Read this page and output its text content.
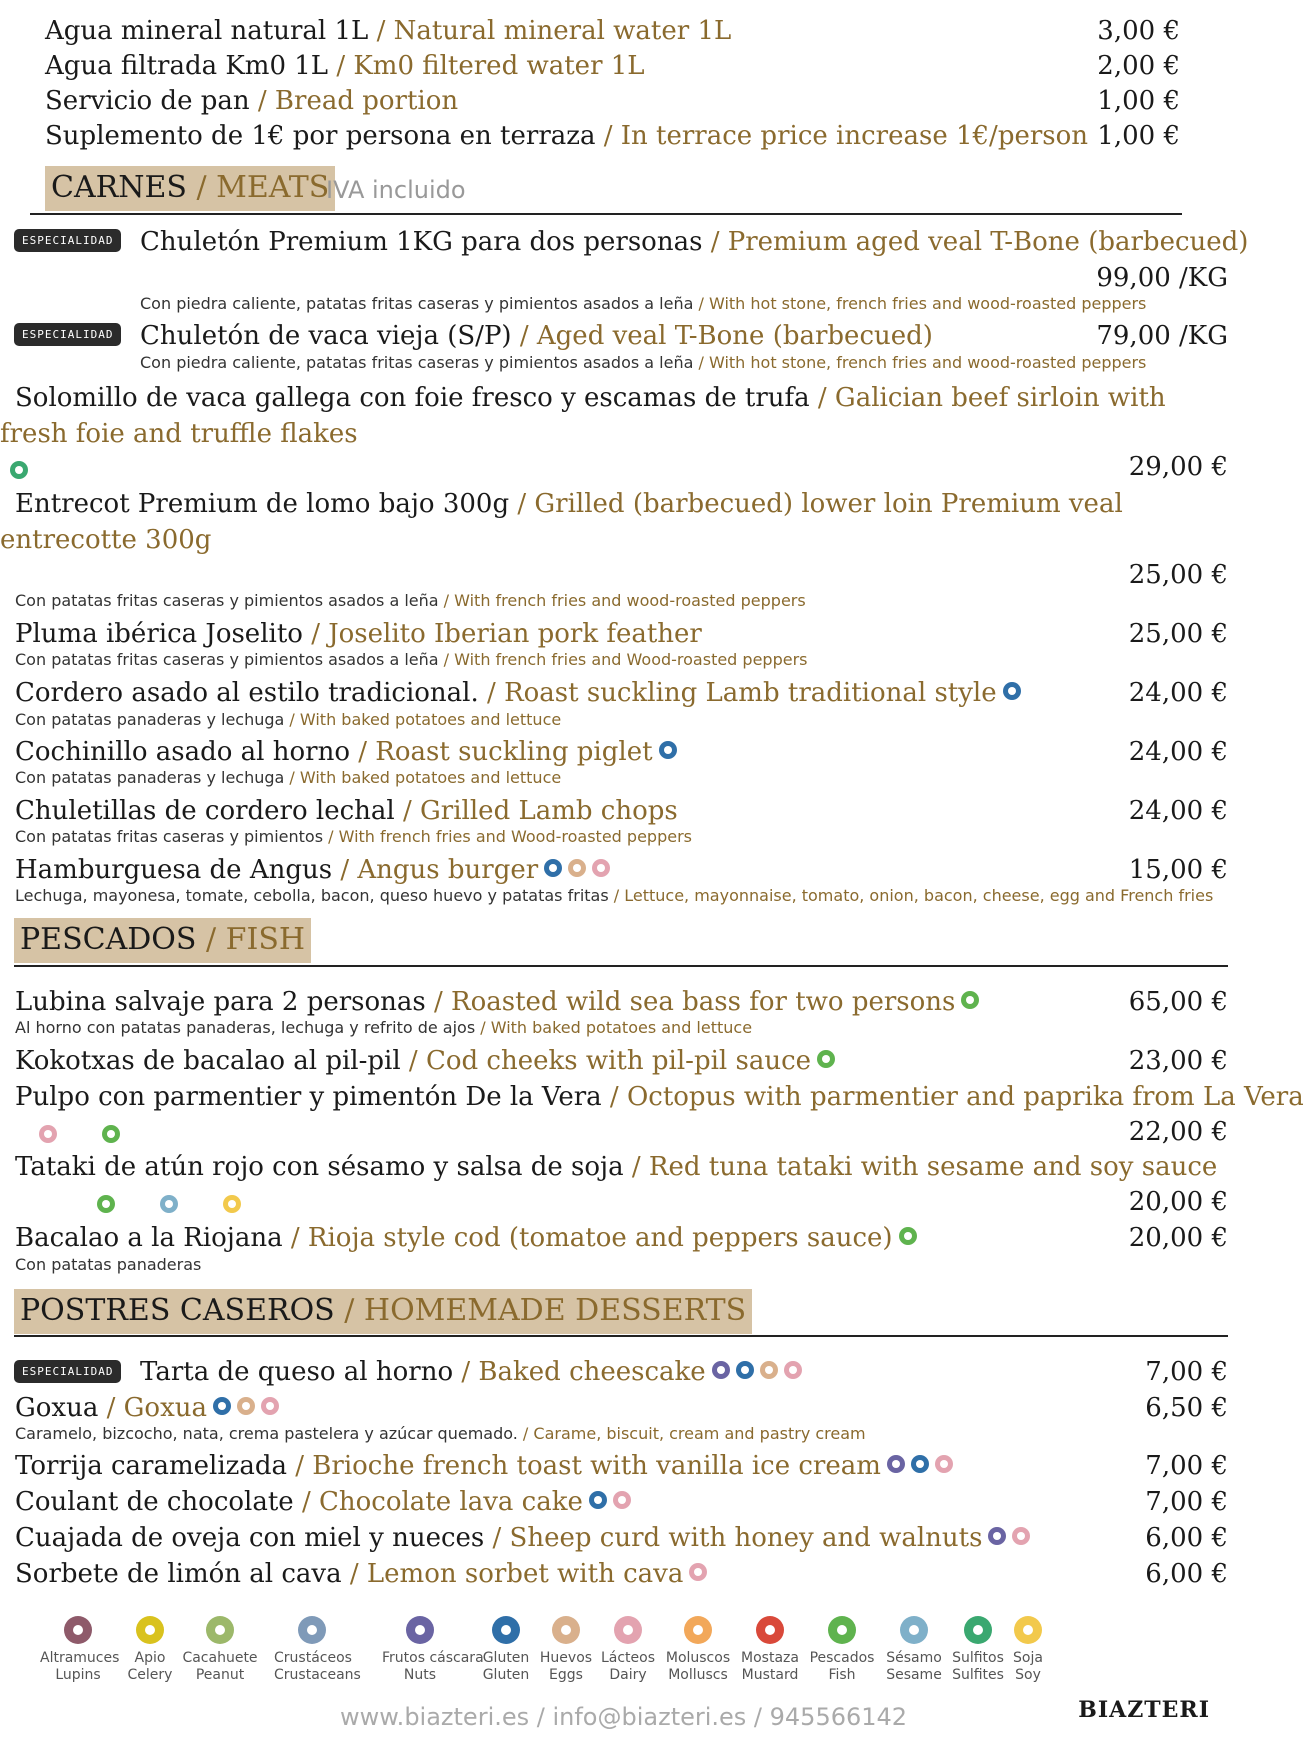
Agua mineral natural 1L / Natural mineral water 1L	3,00 €
Agua filtrada Km0 1L / Km0 filtered water 1L	2,00 €
Servicio de pan / Bread portion	1,00 €
Suplemento de 1€ por persona en terraza / In terrace price increase 1€/person 1,00 €
CARNES / MEATS
IVA incluido
ESPECIALIDAD	Chuletón Premium 1KG para dos personas / Premium aged veal T-Bone (barbecued)
99,00 /KG
Con piedra caliente, patatas fritas caseras y pimientos asados a leña / With hot stone, french fries and wood-roasted peppers
ESPECIALIDAD	Chuletón de vaca vieja (S/P) / Aged veal T-Bone (barbecued)	79,00 /KG
Con piedra caliente, patatas fritas caseras y pimientos asados a leña / With hot stone, french fries and wood-roasted peppers
Solomillo de vaca gallega con foie fresco y escamas de trufa / Galician beef sirloin with fresh foie and truffle flakes

29,00 €
Entrecot Premium de lomo bajo 300g / Grilled (barbecued) lower loin Premium veal entrecotte 300g
25,00 €
Con patatas fritas caseras y pimientos asados a leña / With french fries and wood-roasted peppers
Pluma ibérica Joselito / Joselito Iberian pork feather	25,00 €
Con patatas fritas caseras y pimientos asados a leña / With french fries and Wood-roasted peppers
Cordero asado al estilo tradicional. / Roast suckling Lamb traditional style	24,00 €
Con patatas panaderas y lechuga / With baked potatoes and lettuce
Cochinillo asado al horno / Roast suckling piglet	24,00 €
Con patatas panaderas y lechuga / With baked potatoes and lettuce
Chuletillas de cordero lechal / Grilled Lamb chops	24,00 €
Con patatas fritas caseras y pimientos / With french fries and Wood-roasted peppers
Hamburguesa de Angus / Angus burger	15,00 €
Lechuga, mayonesa, tomate, cebolla, bacon, queso huevo y patatas fritas / Lettuce, mayonnaise, tomato, onion, bacon, cheese, egg and French fries
PESCADOS / FISH
Lubina salvaje para 2 personas / Roasted wild sea bass for two persons	65,00 €
Al horno con patatas panaderas, lechuga y refrito de ajos / With baked potatoes and lettuce
Kokotxas de bacalao al pil-pil / Cod cheeks with pil-pil sauce	23,00 €
Pulpo con parmentier y pimentón De la Vera / Octopus with parmentier and paprika from La Vera

22,00 €
Tataki de atún rojo con sésamo y salsa de soja / Red tuna tataki with sesame and soy sauce

20,00 €
Bacalao a la Riojana / Rioja style cod (tomatoe and peppers sauce)	20,00 €
Con patatas panaderas
POSTRES CASEROS / HOMEMADE DESSERTS
ESPECIALIDAD	Tarta de queso al horno / Baked cheescake	7,00 €
Goxua / Goxua	6,50 €
Caramelo, bizcocho, nata, crema pastelera y azúcar quemado. / Carame, biscuit, cream and pastry cream
Torrija caramelizada / Brioche french toast with vanilla ice cream	7,00 €
Coulant de chocolate / Chocolate lava cake	7,00 €
Cuajada de oveja con miel y nueces / Sheep curd with honey and walnuts	6,00 €
Sorbete de limón al cava / Lemon sorbet with cava	6,00 €
Altramuces
Lupins
Apio
Celery
Cacahuete
Peanut
Crustáceos
Crustaceans
Frutos cáscara
Nuts
Gluten
Gluten
Huevos
Eggs
Lácteos
Dairy
Moluscos
Molluscs
Mostaza
Mustard
Pescados
Fish
Sésamo
Sesame
Sulfitos
Sulfites
Soja
Soy
www.biazteri.es / info@biazteri.es / 945566142	BIAZTERI
